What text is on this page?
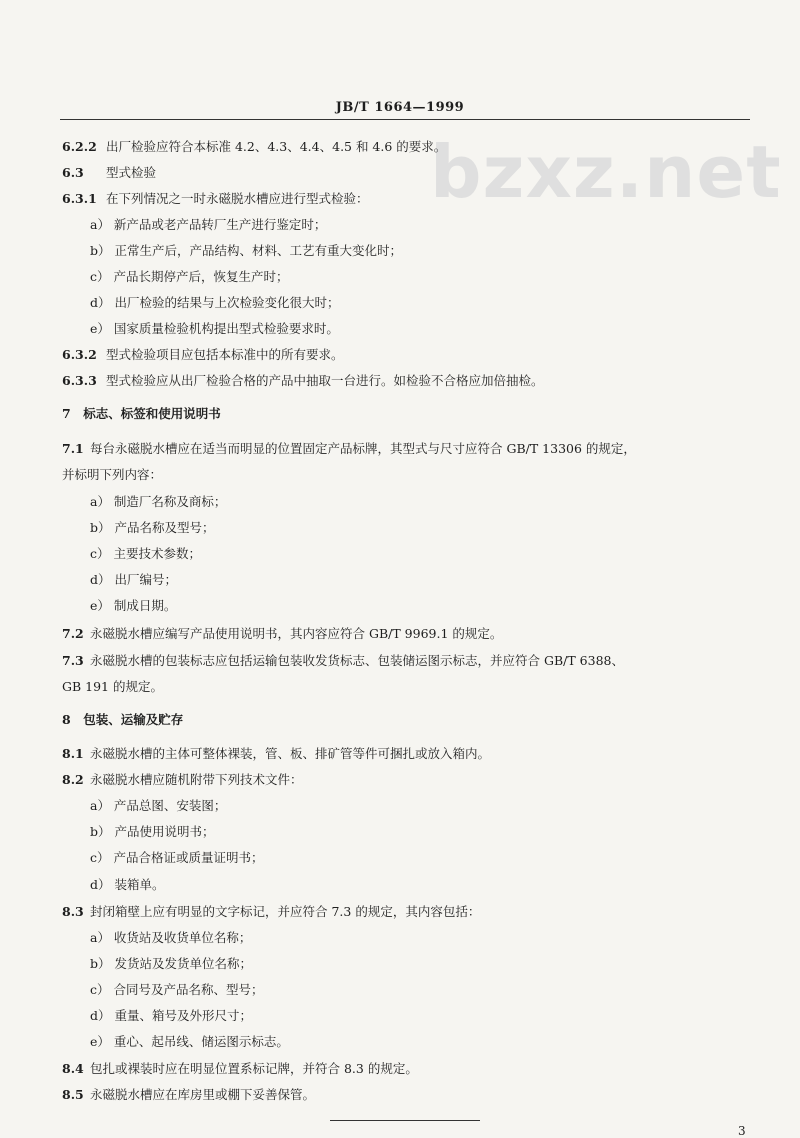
JB/T 1664—1999
bzxz.net
6.2.2 出厂检验应符合本标准 4.2、4.3、4.4、4.5 和 4.6 的要求。
6.3 型式检验
6.3.1 在下列情况之一时永磁脱水槽应进行型式检验：
a） 新产品或老产品转厂生产进行鉴定时；
b） 正常生产后，产品结构、材料、工艺有重大变化时；
c） 产品长期停产后，恢复生产时；
d） 出厂检验的结果与上次检验变化很大时；
e） 国家质量检验机构提出型式检验要求时。
6.3.2 型式检验项目应包括本标准中的所有要求。
6.3.3 型式检验应从出厂检验合格的产品中抽取一台进行。如检验不合格应加倍抽检。
7　标志、标签和使用说明书
7.1 每台永磁脱水槽应在适当而明显的位置固定产品标牌，其型式与尺寸应符合 GB/T 13306 的规定，
并标明下列内容：
a） 制造厂名称及商标；
b） 产品名称及型号；
c） 主要技术参数；
d） 出厂编号；
e） 制成日期。
7.2 永磁脱水槽应编写产品使用说明书，其内容应符合 GB/T 9969.1 的规定。
7.3 永磁脱水槽的包装标志应包括运输包装收发货标志、包装储运图示标志，并应符合 GB/T 6388、
GB 191 的规定。
8　包装、运输及贮存
8.1 永磁脱水槽的主体可整体裸装，管、板、排矿管等件可捆扎或放入箱内。
8.2 永磁脱水槽应随机附带下列技术文件：
a） 产品总图、安装图；
b） 产品使用说明书；
c） 产品合格证或质量证明书；
d） 装箱单。
8.3 封闭箱壁上应有明显的文字标记，并应符合 7.3 的规定，其内容包括：
a） 收货站及收货单位名称；
b） 发货站及发货单位名称；
c） 合同号及产品名称、型号；
d） 重量、箱号及外形尺寸；
e） 重心、起吊线、储运图示标志。
8.4 包扎或裸装时应在明显位置系标记牌，并符合 8.3 的规定。
8.5 永磁脱水槽应在库房里或棚下妥善保管。
3
